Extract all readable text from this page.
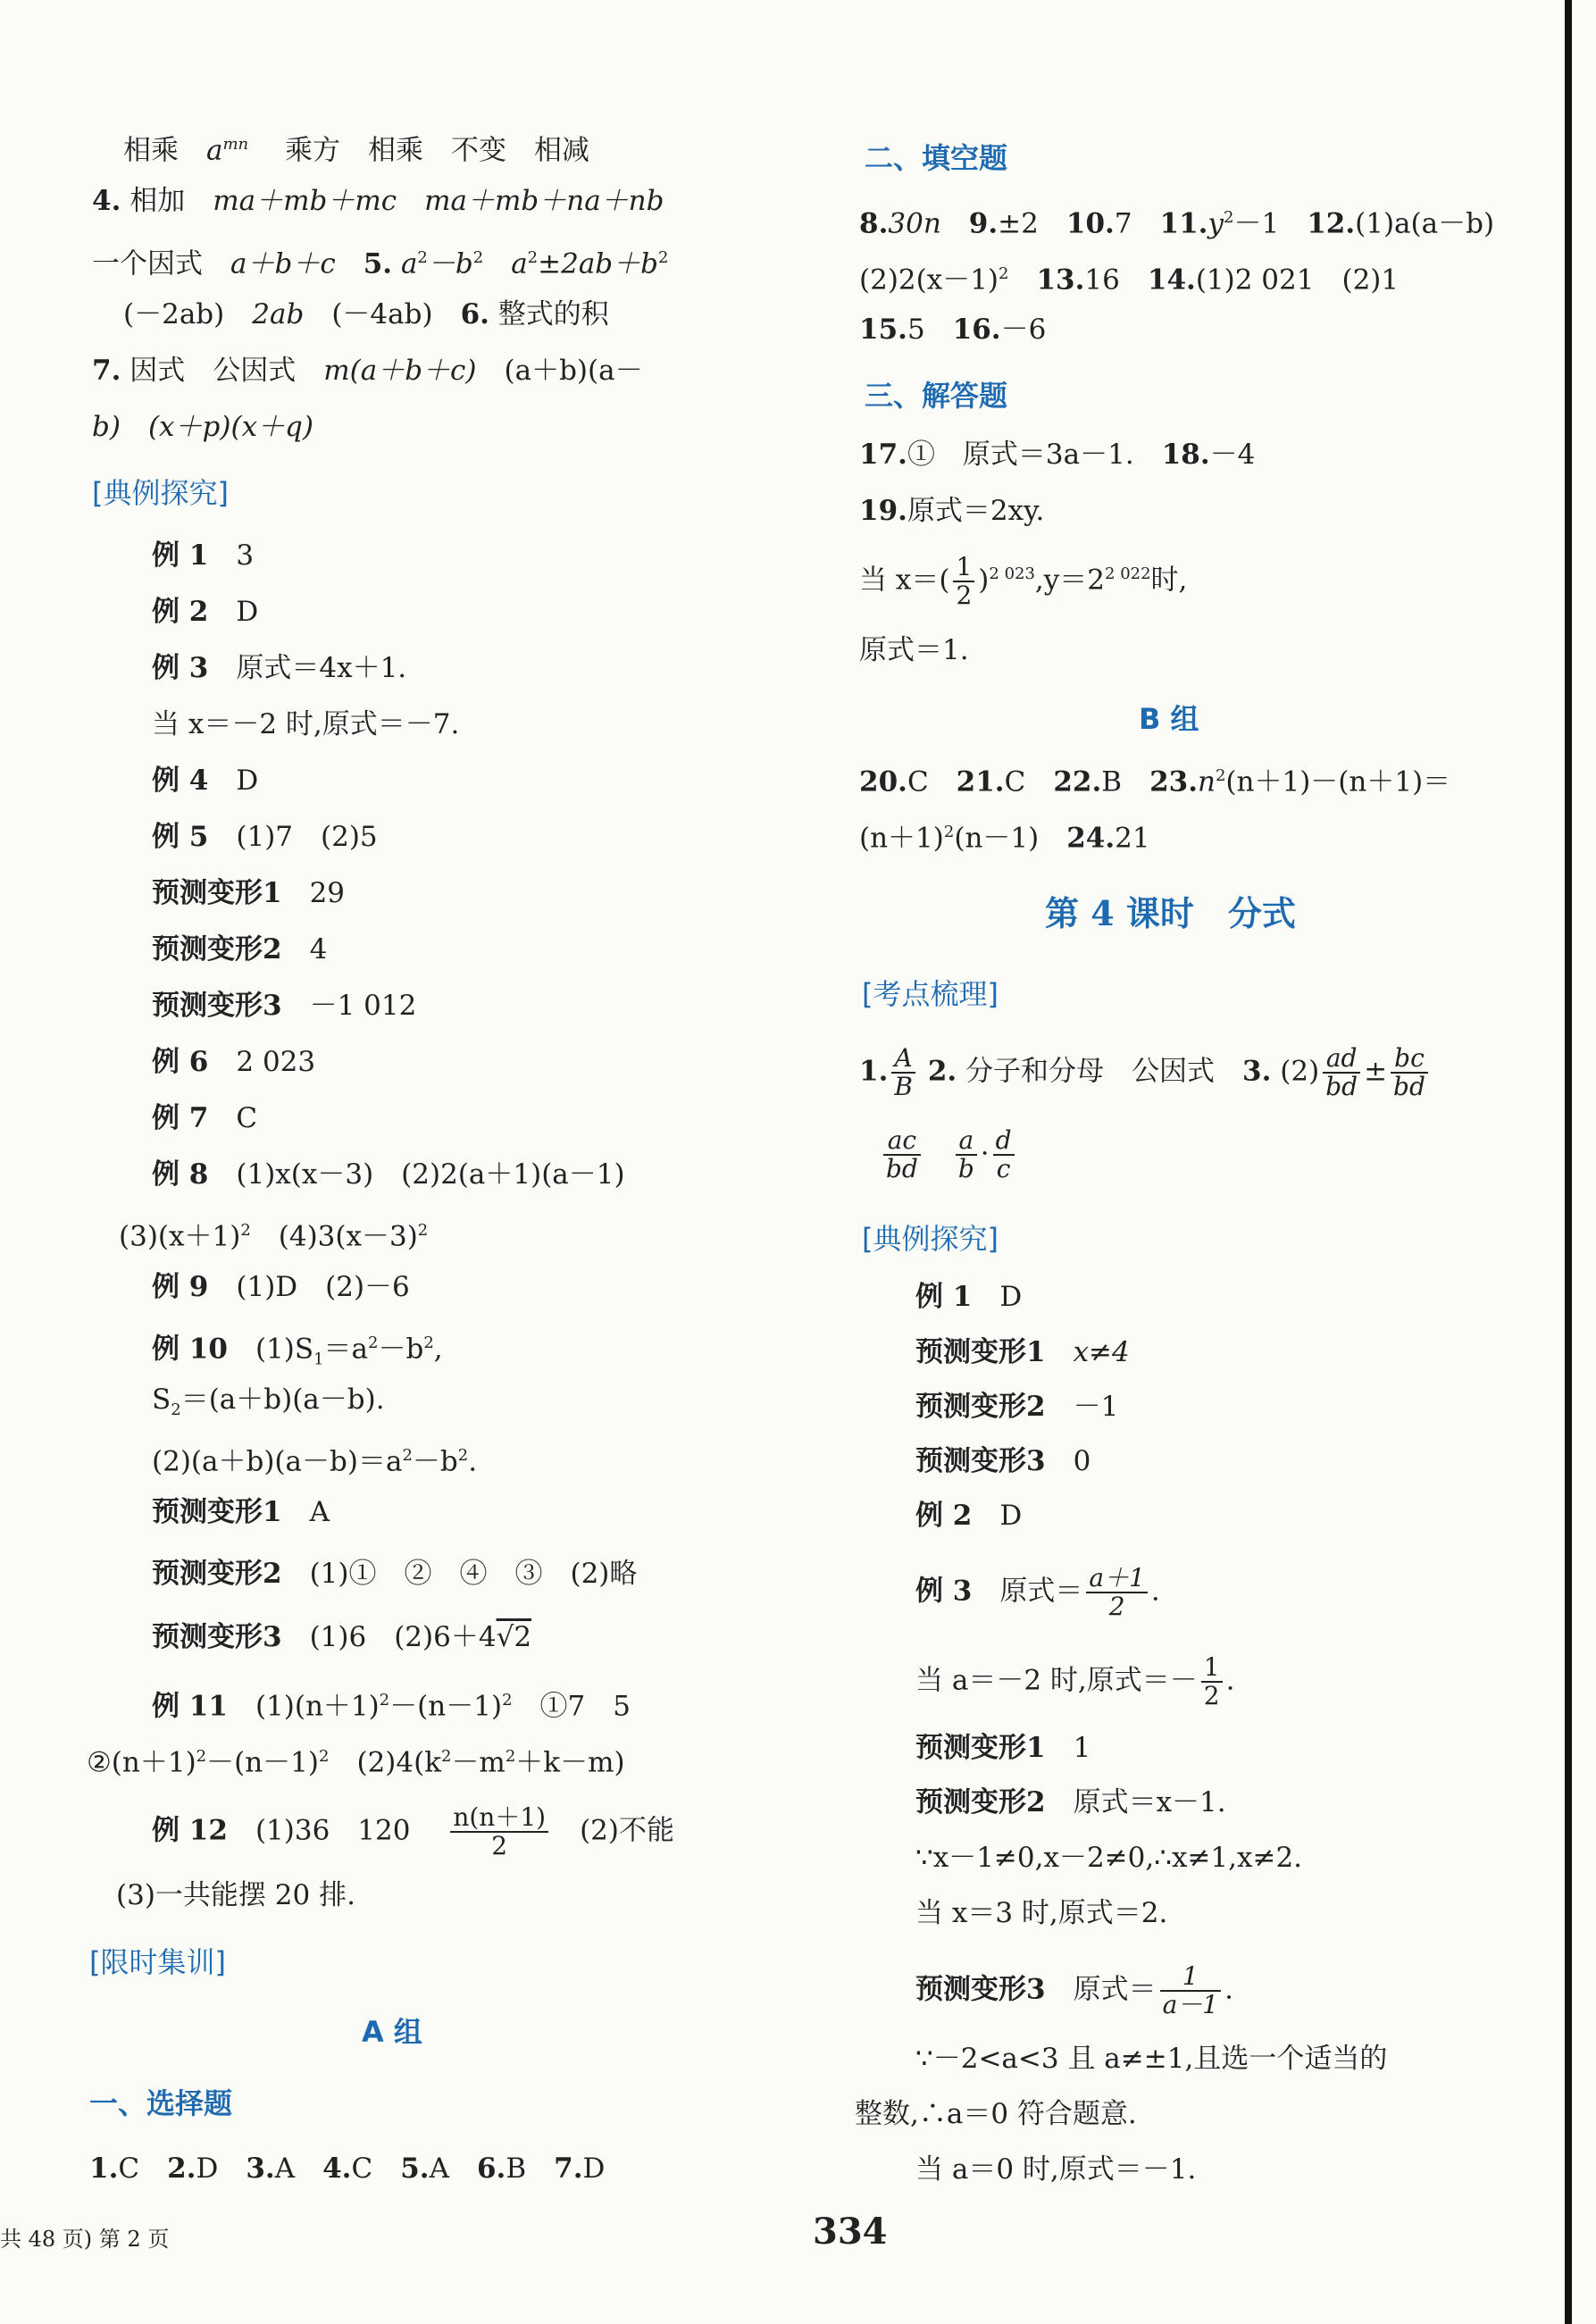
相乘　 $a^{mn}$　 乘方　 相乘　 不变　 相减
4. 相加　 ma＋mb＋mc　 ma＋mb＋na＋nb
一个因式　 a＋b＋c　 5. $a^2-b^2$　 $a^2\pm 2ab+b^2$
(－2ab)　 2ab　 (－4ab)　 6. 整式的积
7. 因式　 公因式　 m(a＋b＋c)　 (a＋b)(a－
b)　 (x＋p)(x＋q)
[典例探究]
例 1　 3
例 2　 D
例 3　 原式＝4x＋1.
当 x＝－2 时,原式＝－7.
例 4　 D
例 5　 (1)7　(2)5
预测变形1　 29
预测变形2　 4
预测变形3　 －1 012
例 6　 2 023
例 7　 C
例 8　 (1)x(x－3)　(2)2(a＋1)(a－1)
$(3)(x+1)^2$　$(4)3(x-3)^2$
例 9　 (1)D　(2)－6
例 10　 $(1)S_1=a^2-b^2$,
$S_2=(a+b)(a-b)$.
$(2)(a+b)(a-b)=a^2-b^2$.
预测变形1　 A
预测变形2　 (1)①　②　④　③　(2)略
预测变形3　 (1)6　(2)6＋4√2
例 11　 $(1)(n+1)^2-(n-1)^2$　①7　5
$②(n+1)^2-(n-1)^2$　$(2)4(k^2-m^2+k-m)$
例 12　 (1)36　120　 $\frac{n(n+1)}{2}$
　 (2)不能
(3)一共能摆 20 排.
[限时集训]
A 组
一、选择题
1.C　 2.D　 3.A　 4.C　 5.A　 6.B　 7.D
二、填空题
8.30n　 9.±2　 10.7　 $11.y^2-1$　 12.(1)a(a－b)
$(2)2(x-1)^2$　 13.16　 14.(1)2 021　(2)1
15.5　 16.－6
三、解答题
17.①　原式＝3a－1.　 18.－4
19.原式＝2xy.
当 $x=( \frac{1}{2} )^{2 023},y=2^{2 022}$时,
原式＝1.
B 组
20.C　 21.C　 22.B　 $23.n^2(n+1)-(n+1)=$
$(n+1)^2(n-1)$　 24.21
第 4 课时　分式
[考点梳理]
1. $\frac{A}{B} 2$. 分子和分母　公因式　 3. $(2) \frac{ad}{bd} \pm \frac{bc}{bd}$
$\frac{ac}{bd}$
　 $\frac{a}{b} \cdot \frac{d}{c}$
[典例探究]
例 1　 D
预测变形1　 x≠4
预测变形2　 －1
预测变形3　 0
例 2　 D
例 3　 原式＝ $\frac{a+1}{2}$ .
当 a＝－2 时,原式＝－ $\frac{1}{2}$ .
预测变形1　 1
预测变形2　 原式＝x－1.
∵x－1≠0,x－2≠0,∴x≠1,x≠2.
当 x＝3 时,原式＝2.
预测变形3　 原式＝ $\frac{1}{a-1}$ .
∵－2<a<3 且 a≠±1,且选一个适当的
整数,∴a＝0 符合题意.
当 a＝0 时,原式＝－1.
共 48 页) 第 2 页	334
